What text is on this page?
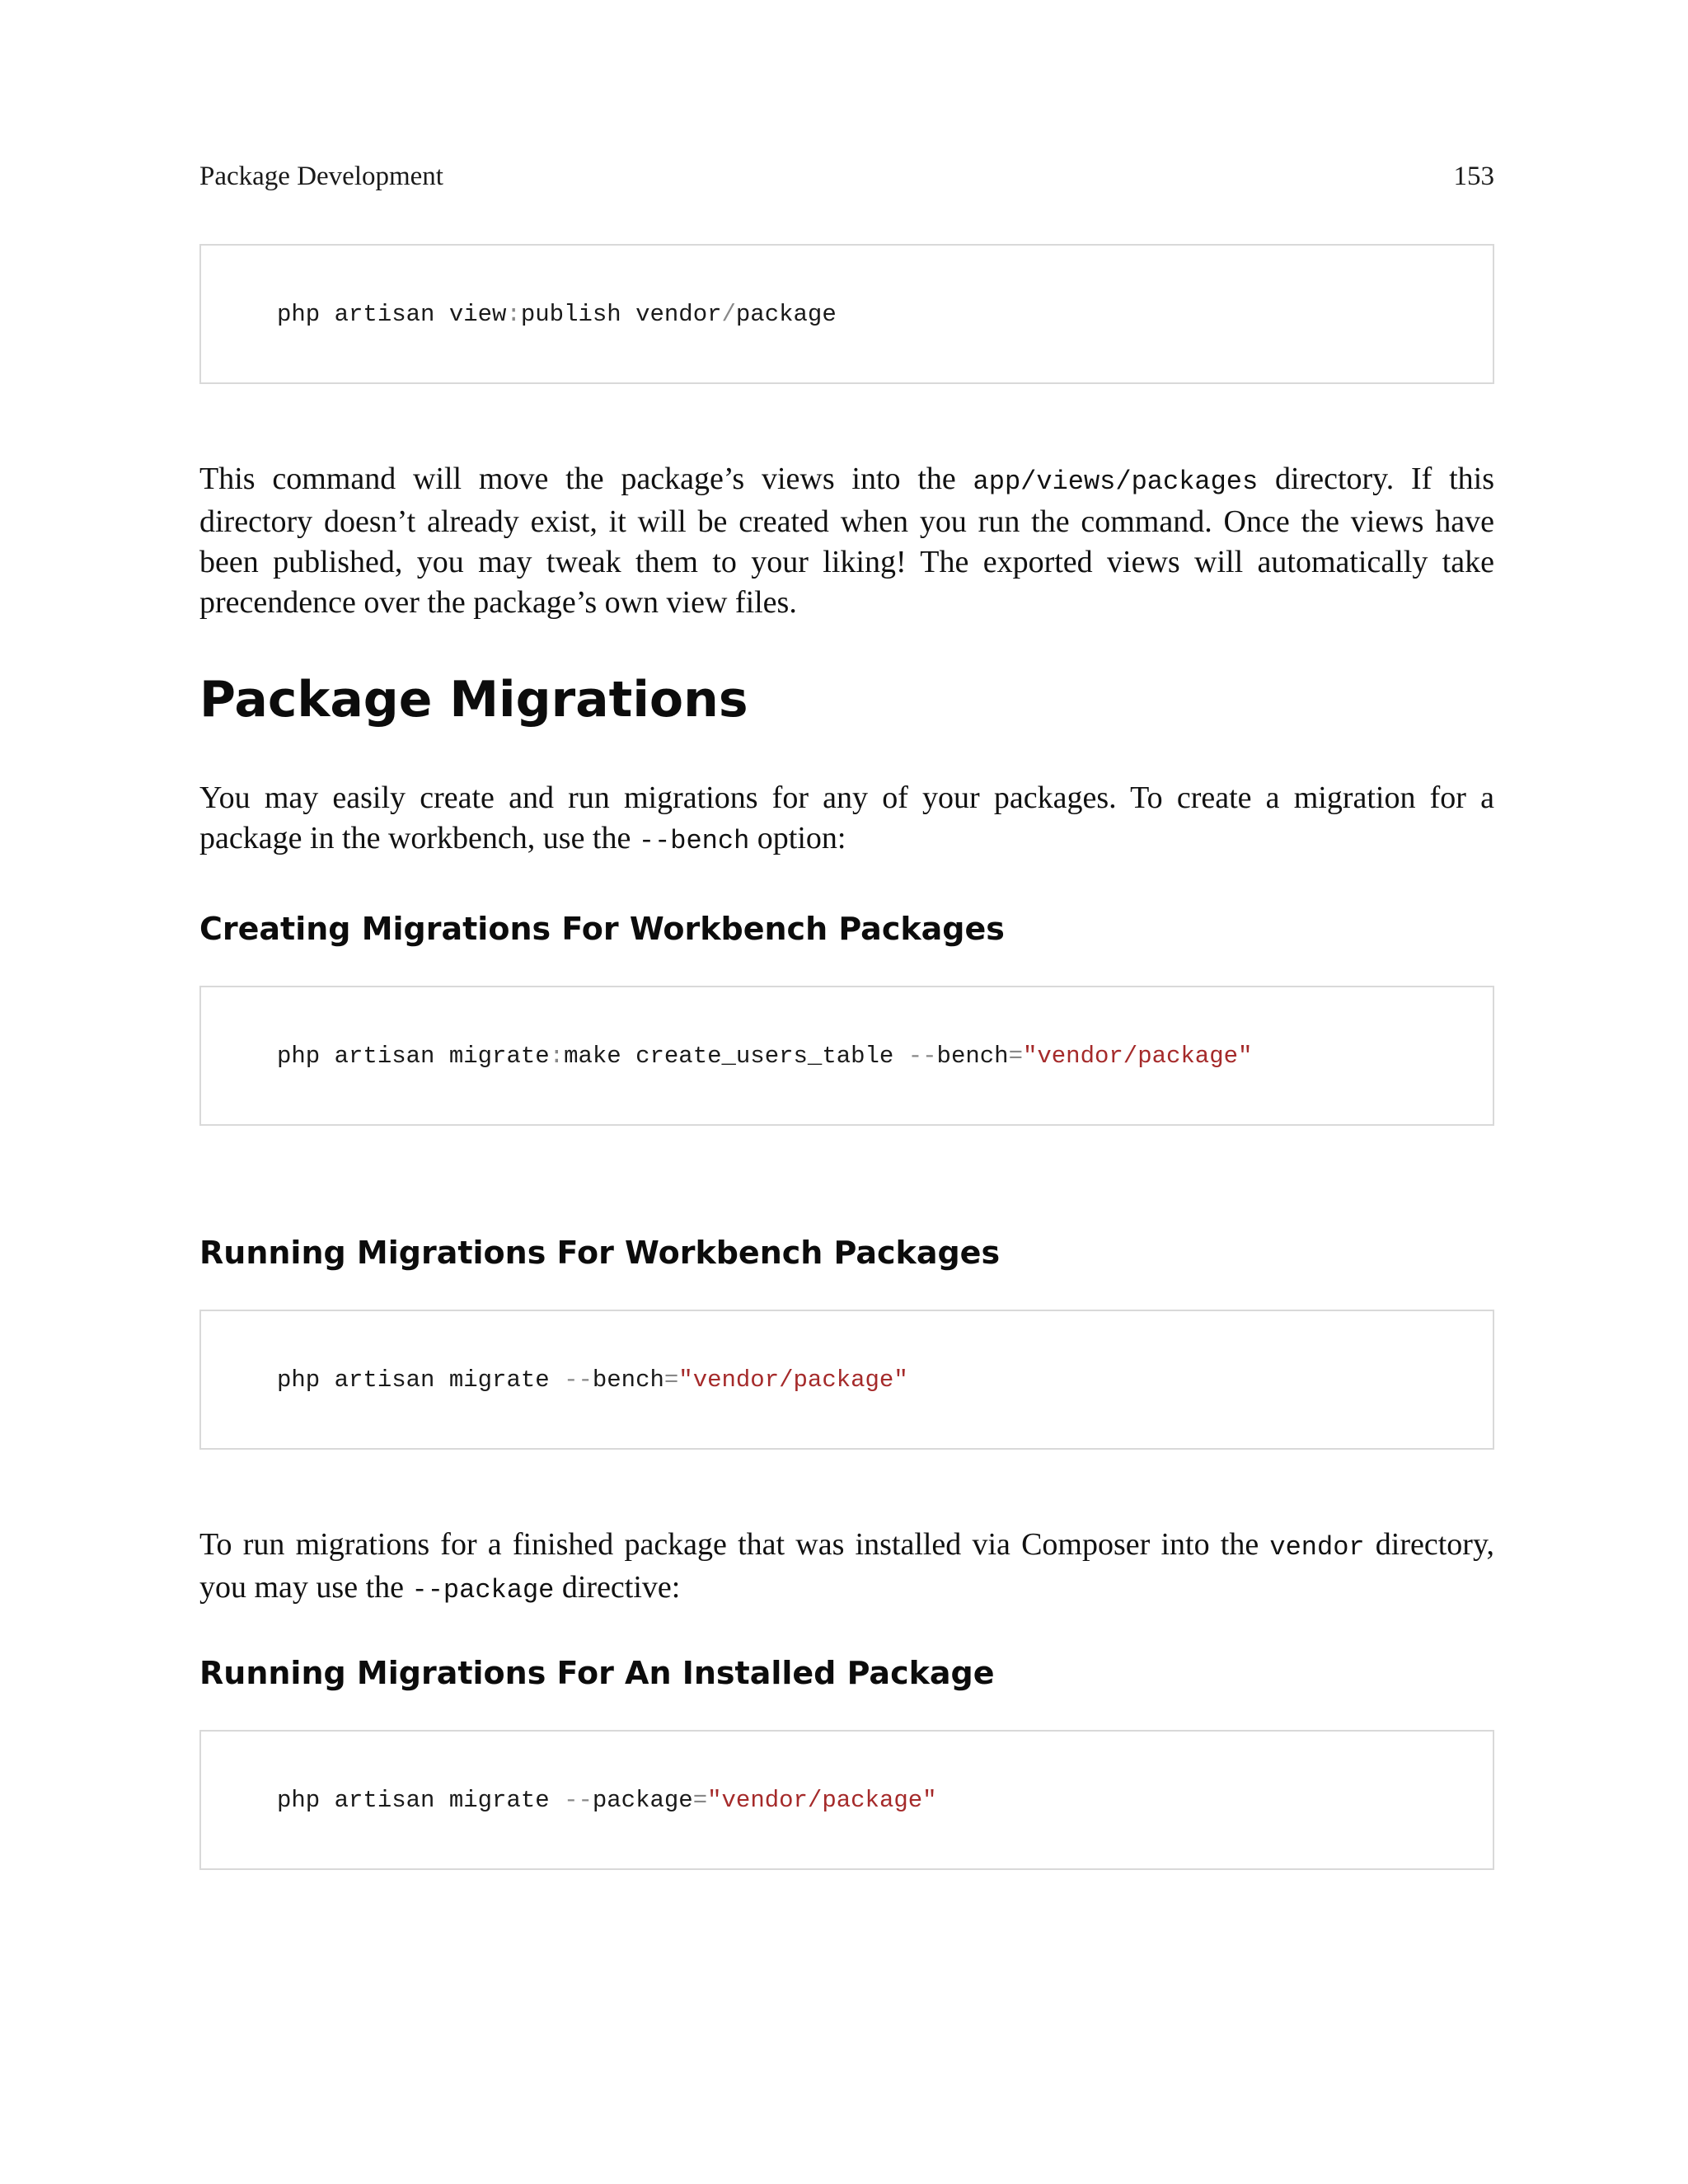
Package Development	153
php artisan view : publish vendor / package

This command will move the package’s views into the app/views/packages directory. If this directory doesn’t already exist, it will be created when you run the command. Once the views have been published, you may tweak them to your liking! The exported views will automatically take precendence over the package’s own view files.

Package Migrations

You may easily create and run migrations for any of your packages. To create a migration for a package in the workbench, use the --bench option:

Creating Migrations For Workbench Packages
php artisan migrate : make create_users_table -- bench = "vendor/package"
Running Migrations For Workbench Packages
php artisan migrate -- bench = "vendor/package"

To run migrations for a finished package that was installed via Composer into the vendor directory, you may use the --package directive:

Running Migrations For An Installed Package
php artisan migrate -- package = "vendor/package"
